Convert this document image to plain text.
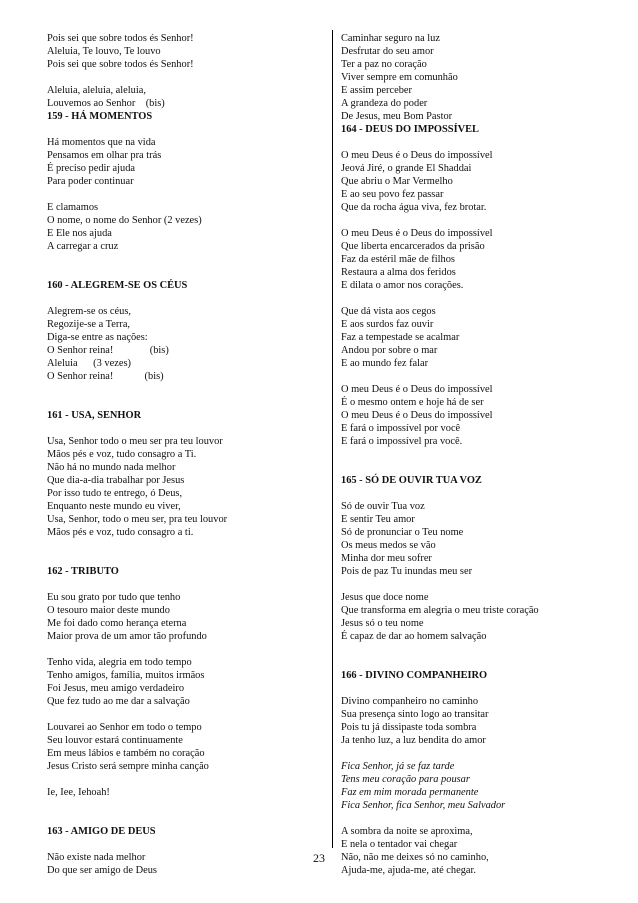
Pois sei que sobre todos és Senhor!
Aleluia, Te louvo, Te louvo
Pois sei que sobre todos és Senhor!
Aleluia, aleluia, aleluia,
Louvemos ao Senhor    (bis)
159 - HÁ MOMENTOS
Há momentos que na vida
Pensamos em olhar pra trás
É preciso pedir ajuda
Para poder continuar
E clamamos
O nome, o nome do Senhor (2 vezes)
E Ele nos ajuda
A carregar a cruz
160 - ALEGREM-SE OS CÉUS
Alegrem-se os céus,
Regozije-se a Terra,
Diga-se entre as nações:
O Senhor reina!              (bis)
Aleluia      (3 vezes)
O Senhor reina!            (bis)
161 - USA, SENHOR
Usa, Senhor todo o meu ser pra teu louvor
Mãos pés e voz, tudo consagro a Ti.
Não há no mundo nada melhor
Que dia-a-dia trabalhar por Jesus
Por isso tudo te entrego, ó Deus,
Enquanto neste mundo eu viver,
Usa, Senhor, todo o meu ser, pra teu louvor
Mãos pés e voz, tudo consagro a ti.
162 - TRIBUTO
Eu sou grato por tudo que tenho
O tesouro maior deste mundo
Me foi dado como herança eterna
Maior prova de um amor tão profundo
Tenho vida, alegria em todo tempo
Tenho amigos, família, muitos irmãos
Foi Jesus, meu amigo verdadeiro
Que fez tudo ao me dar a salvação
Louvarei ao Senhor em todo o tempo
Seu louvor estará continuamente
Em meus lábios e também no coração
Jesus Cristo será sempre minha canção
Ie, Iee, Iehoah!
163 - AMIGO DE DEUS
Não existe nada melhor
Do que ser amigo de Deus
Caminhar seguro na luz
Desfrutar do seu amor
Ter a paz no coração
Viver sempre em comunhão
E assim perceber
A grandeza do poder
De Jesus, meu Bom Pastor
164 - DEUS DO IMPOSSÍVEL
O meu Deus é o Deus do impossível
Jeová Jiré, o grande El Shaddai
Que abriu o Mar Vermelho
E ao seu povo fez passar
Que da rocha água viva, fez brotar.
O meu Deus é o Deus do impossível
Que liberta encarcerados da prisão
Faz da estéril mãe de filhos
Restaura a alma dos feridos
E dilata o amor nos corações.
Que dá vista aos cegos
E aos surdos faz ouvir
Faz a tempestade se acalmar
Andou por sobre o mar
E ao mundo fez falar
O meu Deus é o Deus do impossível
É o mesmo ontem e hoje há de ser
O meu Deus é o Deus do impossível
E fará o impossível por você
E fará o impossível pra você.
165 - SÓ DE OUVIR TUA VOZ
Só de ouvir Tua voz
E sentir Teu amor
Só de pronunciar o Teu nome
Os meus medos se vão
Minha dor meu sofrer
Pois de paz Tu inundas meu ser
Jesus que doce nome
Que transforma em alegria o meu triste coração
Jesus só o teu nome
É capaz de dar ao homem salvação
166 - DIVINO COMPANHEIRO
Divino companheiro no caminho
Sua presença sinto logo ao transitar
Pois tu já dissipaste toda sombra
Ja tenho luz, a luz bendita do amor
Fica Senhor, já se faz tarde
Tens meu coração para pousar
Faz em mim morada permanente
Fica Senhor, fica Senhor, meu Salvador
A sombra da noite se aproxima,
E nela o tentador vai chegar
Não, não me deixes só no caminho,
Ajuda-me, ajuda-me, até chegar.
23
